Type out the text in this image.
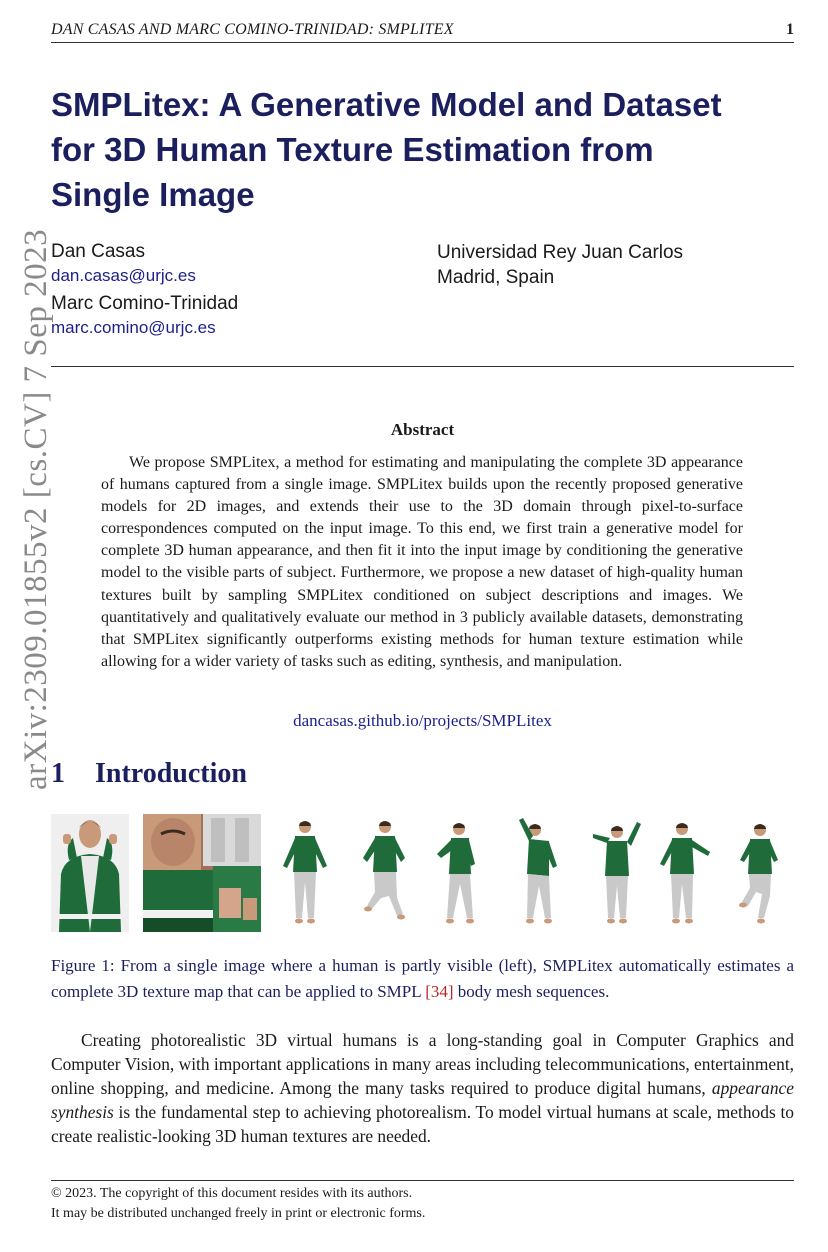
DAN CASAS AND MARC COMINO-TRINIDAD: SMPLITEX	1
arXiv:2309.01855v2 [cs.CV] 7 Sep 2023
SMPLitex: A Generative Model and Dataset
for 3D Human Texture Estimation from
Single Image
Dan Casas
dan.casas@urjc.es
Marc Comino-Trinidad
marc.comino@urjc.es
Universidad Rey Juan Carlos
Madrid, Spain
Abstract

We propose SMPLitex, a method for estimating and manipulating the complete 3D appearance of humans captured from a single image. SMPLitex builds upon the recently proposed generative models for 2D images, and extends their use to the 3D domain through pixel-to-surface correspondences computed on the input image. To this end, we first train a generative model for complete 3D human appearance, and then fit it into the input image by conditioning the generative model to the visible parts of subject. Furthermore, we propose a new dataset of high-quality human textures built by sampling SMPLitex conditioned on subject descriptions and images. We quantitatively and qualitatively evaluate our method in 3 publicly available datasets, demonstrating that SMPLitex significantly outperforms existing methods for human texture estimation while allowing for a wider variety of tasks such as editing, synthesis, and manipulation.

dancasas.github.io/projects/SMPLitex
1 Introduction

Figure 1: From a single image where a human is partly visible (left), SMPLitex automatically estimates a complete 3D texture map that can be applied to SMPL [34] body mesh sequences.

Creating photorealistic 3D virtual humans is a long-standing goal in Computer Graphics and Computer Vision, with important applications in many areas including telecommunications, entertainment, online shopping, and medicine. Among the many tasks required to produce digital humans, appearance synthesis is the fundamental step to achieving photorealism. To model virtual humans at scale, methods to create realistic-looking 3D human textures are needed.

© 2023. The copyright of this document resides with its authors.
It may be distributed unchanged freely in print or electronic forms.
